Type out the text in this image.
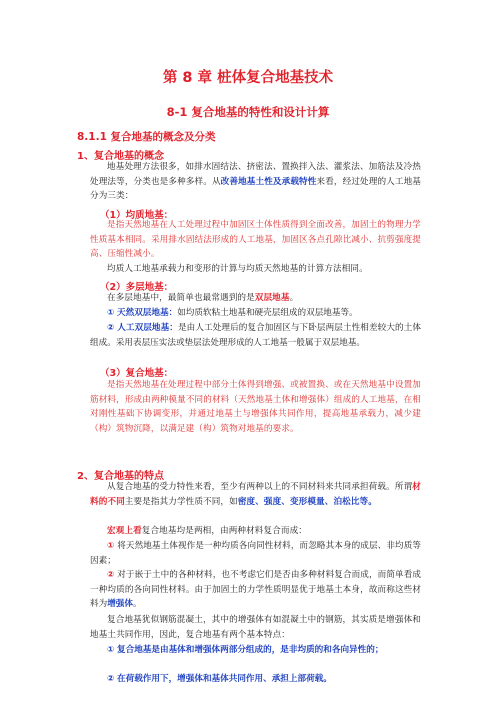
第 8 章 桩体复合地基技术
8-1 复合地基的特性和设计计算
8.1.1 复合地基的概念及分类
1、复合地基的概念
地基处理方法很多，如排水固结法、挤密法、置换拌入法、灌浆法、加筋法及冷热处理法等，分类也是多种多样。从改善地基土性及承载特性来看，经过处理的人工地基分为三类：
（1）均质地基：
是指天然地基在人工处理过程中加固区土体性质得到全面改善，加固土的物理力学性质基本相同。采用排水固结法形成的人工地基，加固区各点孔隙比减小、抗剪强度提高、压缩性减小。
均质人工地基承载力和变形的计算与均质天然地基的计算方法相同。
（2）多层地基：
在多层地基中，最简单也最常遇到的是双层地基。
① 天然双层地基：如均质软粘土地基和硬壳层组成的双层地基等。
② 人工双层地基：是由人工处理后的复合加固区与下卧层两层土性相差较大的土体组成。采用表层压实法或垫层法处理形成的人工地基一般属于双层地基。
（3）复合地基：
是指天然地基在处理过程中部分土体得到增强、或被置换、或在天然地基中设置加筋材料，形成由两种模量不同的材料（天然地基土体和增强体）组成的人工地基，在相对刚性基础下协调变形，并通过地基土与增强体共同作用，提高地基承载力，减少建（构）筑物沉降，以满足建（构）筑物对地基的要求。
2、复合地基的特点
从复合地基的受力特性来看，至少有两种以上的不同材料来共同承担荷载。所谓材料的不同主要是指其力学性质不同，如密度、强度、变形模量、泊松比等。
宏观上看复合地基均是两相，由两种材料复合而成：
① 将天然地基土体视作是一种均质各向同性材料，而忽略其本身的成层、非均质等因素；
② 对于嵌于土中的各种材料，也不考虑它们是否由多种材料复合而成，而简单看成一种均质的各向同性材料。由于加固土的力学性质明显优于地基土本身，故而称这些材料为增强体。
复合地基犹似钢筋混凝土，其中的增强体有如混凝土中的钢筋，其实质是增强体和地基土共同作用，因此，复合地基有两个基本特点：
① 复合地基是由基体和增强体两部分组成的，是非均质的和各向异性的；
② 在荷载作用下，增强体和基体共同作用、承担上部荷载。
